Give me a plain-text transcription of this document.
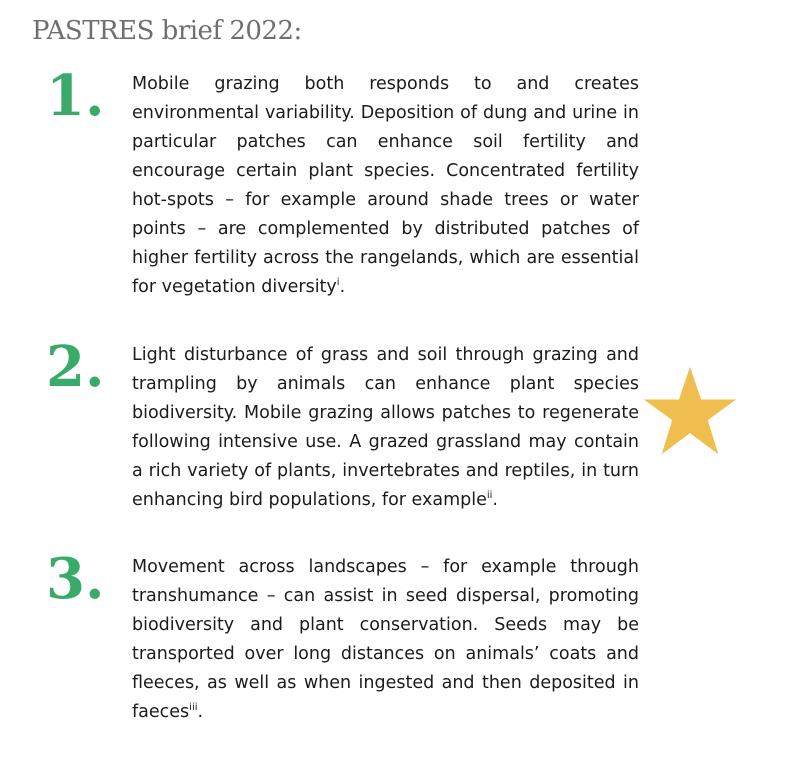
PASTRES brief 2022:
1. Mobile grazing both responds to and creates environmental variability. Deposition of dung and urine in particular patches can enhance soil fertility and encourage certain plant species. Concentrated fertility hot-spots – for example around shade trees or water points – are complemented by distributed patches of higher fertility across the rangelands, which are essential for vegetation diversity$^i$.
2. Light disturbance of grass and soil through grazing and trampling by animals can enhance plant species biodiversity. Mobile grazing allows patches to regenerate following intensive use. A grazed grassland may contain a rich variety of plants, invertebrates and reptiles, in turn enhancing bird populations, for example$^{ii}$.
3. Movement across landscapes – for example through transhumance – can assist in seed dispersal, promoting biodiversity and plant conservation. Seeds may be transported over long distances on animals’ coats and fleeces, as well as when ingested and then deposited in faeces$^{iii}$.
